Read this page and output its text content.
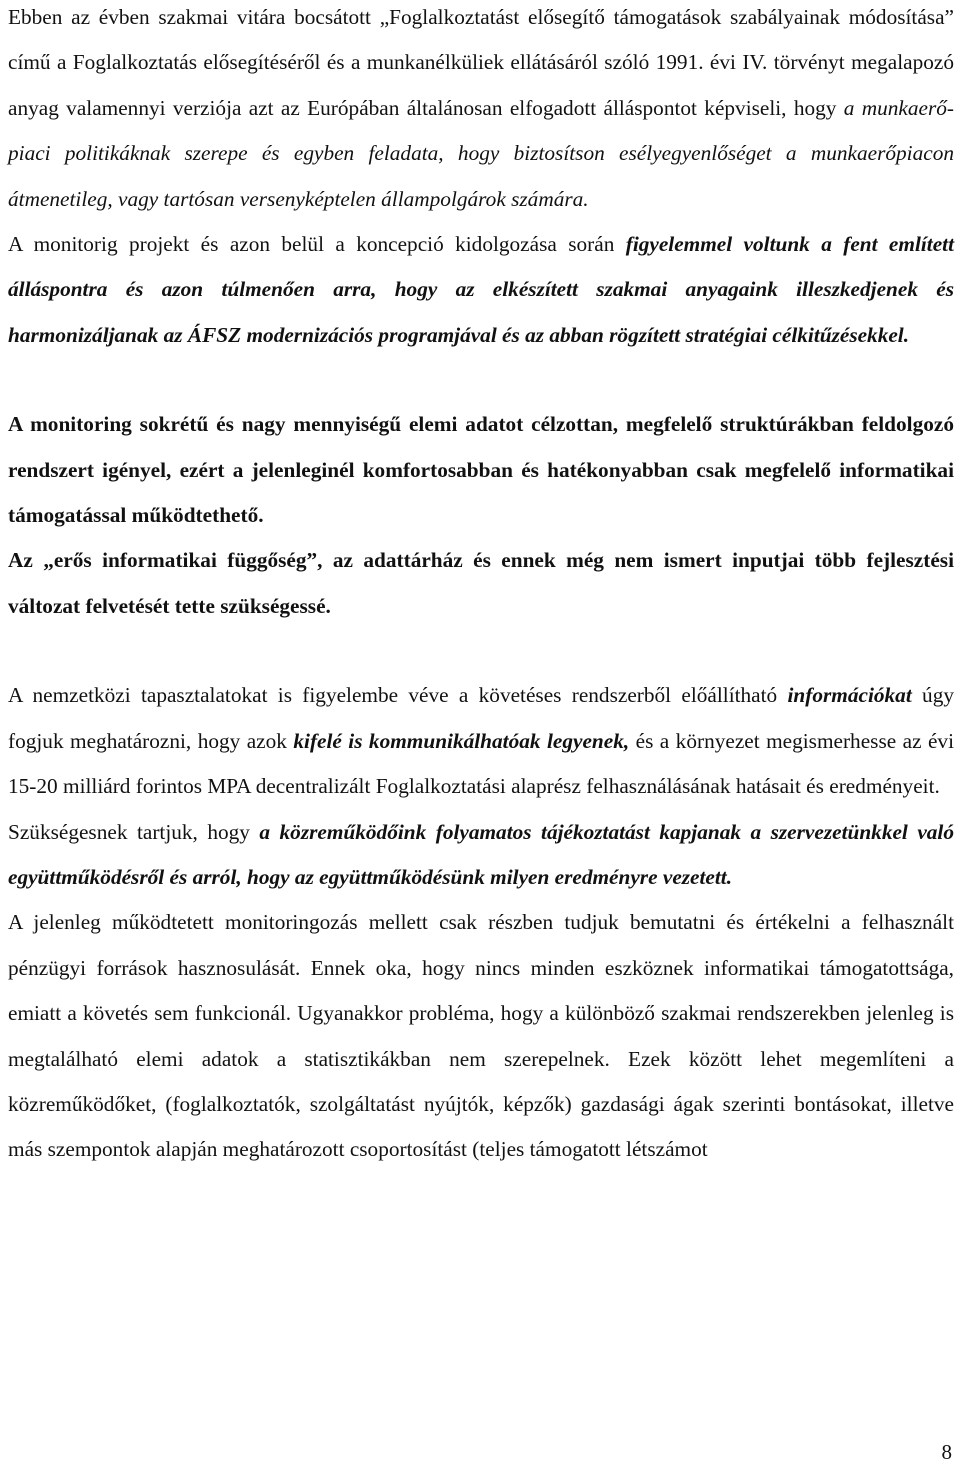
Ebben az évben szakmai vitára bocsátott „Foglalkoztatást elősegítő támogatások szabályainak módosítása” című a Foglalkoztatás elősegítéséről és a munkanélküliek ellátásáról szóló 1991. évi IV. törvényt megalapozó anyag valamennyi verziója azt az Európában általánosan elfogadott álláspontot képviseli, hogy a munkaerő-piaci politikáknak szerepe és egyben feladata, hogy biztosítson esélyegyenlőséget a munkaerőpiacon átmenetileg, vagy tartósan versenyképtelen állampolgárok számára.

A monitorig projekt és azon belül a koncepció kidolgozása során figyelemmel voltunk a fent említett álláspontra és azon túlmenően arra, hogy az elkészített szakmai anyagaink illeszkedjenek és harmonizáljanak az ÁFSZ modernizációs programjával és az abban rögzített stratégiai célkitűzésekkel.

A monitoring sokrétű és nagy mennyiségű elemi adatot célzottan, megfelelő struktúrákban feldolgozó rendszert igényel, ezért a jelenleginél komfortosabban és hatékonyabban csak megfelelő informatikai támogatással működtethető.

Az „erős informatikai függőség”, az adattárház és ennek még nem ismert inputjai több fejlesztési változat felvetését tette szükségessé.

A nemzetközi tapasztalatokat is figyelembe véve a követéses rendszerből előállítható információkat úgy fogjuk meghatározni, hogy azok kifelé is kommunikálhatóak legyenek, és a környezet megismerhesse az évi 15-20 milliárd forintos MPA decentralizált Foglalkoztatási alaprész felhasználásának hatásait és eredményeit.

Szükségesnek tartjuk, hogy a közreműködőink folyamatos tájékoztatást kapjanak a szervezetünkkel való együttműködésről és arról, hogy az együttműködésünk milyen eredményre vezetett.

A jelenleg működtetett monitoringozás mellett csak részben tudjuk bemutatni és értékelni a felhasznált pénzügyi források hasznosulását. Ennek oka, hogy nincs minden eszköznek informatikai támogatottsága, emiatt a követés sem funkcionál. Ugyanakkor probléma, hogy a különböző szakmai rendszerekben jelenleg is megtalálható elemi adatok a statisztikákban nem szerepelnek. Ezek között lehet megemlíteni a közreműködőket, (foglalkoztatók, szolgáltatást nyújtók, képzők) gazdasági ágak szerinti bontásokat, illetve más szempontok alapján meghatározott csoportosítást (teljes támogatott létszámot

8
